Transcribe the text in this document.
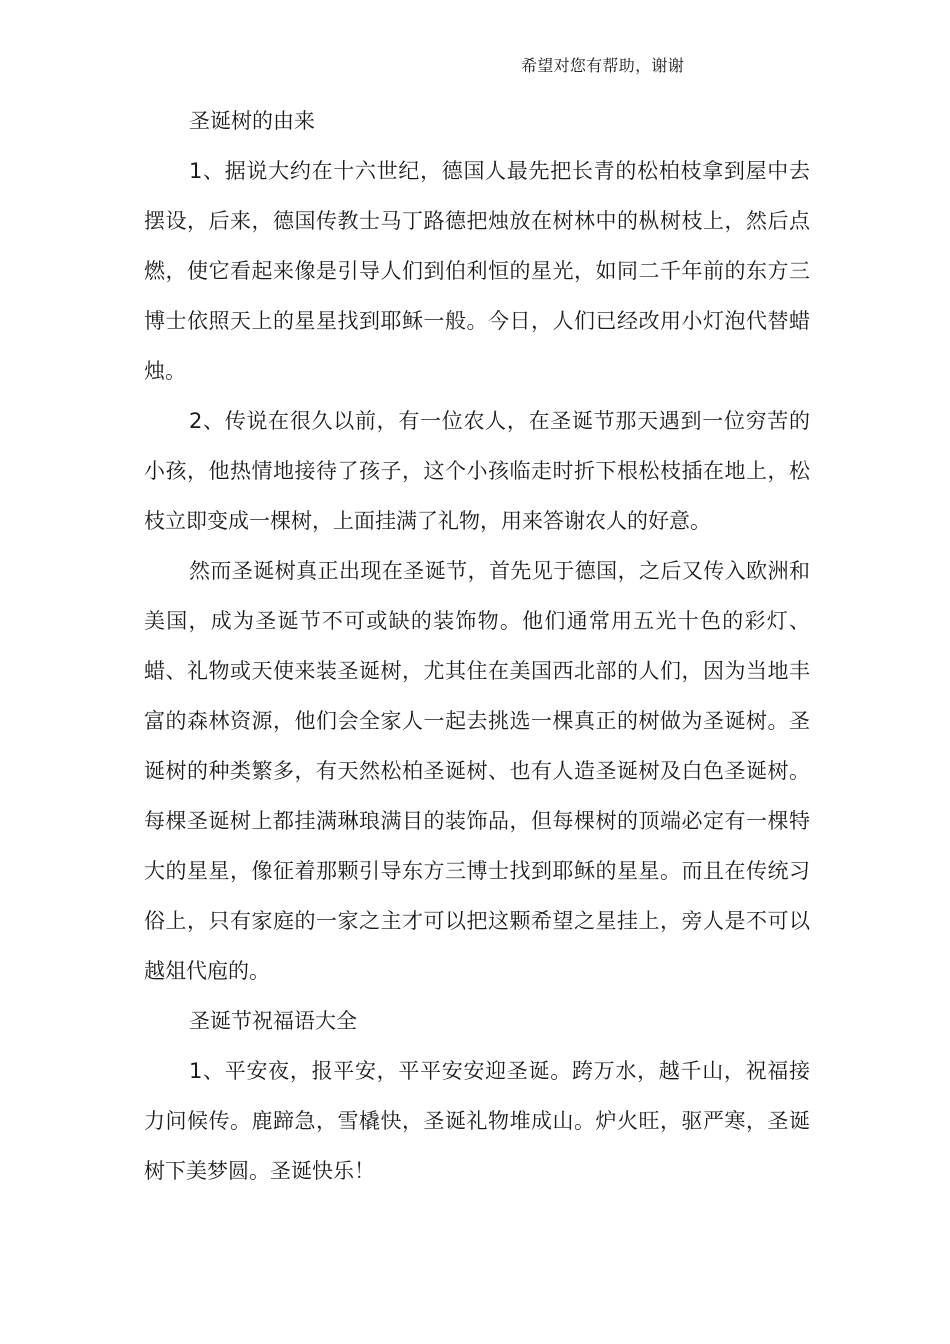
希望对您有帮助，谢谢

圣诞树的由来

1、据说大约在十六世纪，德国人最先把长青的松柏枝拿到屋中去摆设，后来，德国传教士马丁路德把烛放在树林中的枞树枝上，然后点燃，使它看起来像是引导人们到伯利恒的星光，如同二千年前的东方三博士依照天上的星星找到耶稣一般。今日，人们已经改用小灯泡代替蜡烛。

2、传说在很久以前，有一位农人，在圣诞节那天遇到一位穷苦的小孩，他热情地接待了孩子，这个小孩临走时折下根松枝插在地上，松枝立即变成一棵树，上面挂满了礼物，用来答谢农人的好意。

然而圣诞树真正出现在圣诞节，首先见于德国，之后又传入欧洲和美国，成为圣诞节不可或缺的装饰物。他们通常用五光十色的彩灯、蜡、礼物或天使来装圣诞树，尤其住在美国西北部的人们，因为当地丰富的森林资源，他们会全家人一起去挑选一棵真正的树做为圣诞树。圣诞树的种类繁多，有天然松柏圣诞树、也有人造圣诞树及白色圣诞树。每棵圣诞树上都挂满琳琅满目的装饰品，但每棵树的顶端必定有一棵特大的星星，像征着那颗引导东方三博士找到耶稣的星星。而且在传统习俗上，只有家庭的一家之主才可以把这颗希望之星挂上，旁人是不可以越俎代庖的。

圣诞节祝福语大全

1、平安夜，报平安，平平安安迎圣诞。跨万水，越千山，祝福接力问候传。鹿蹄急，雪橇快，圣诞礼物堆成山。炉火旺，驱严寒，圣诞树下美梦圆。圣诞快乐！
